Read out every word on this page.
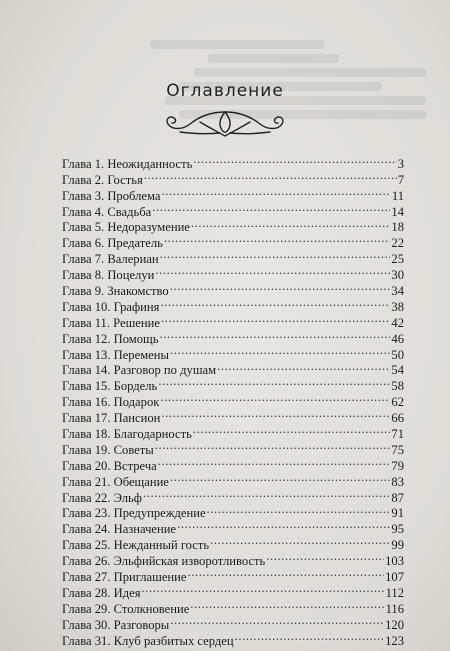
Оглавление
Глава 1. Неожиданность .....	3
Глава 2. Гостья .....	7
Глава 3. Проблема .....	11
Глава 4. Свадьба .....	14
Глава 5. Недоразумение .....	18
Глава 6. Предатель .....	22
Глава 7. Валериан .....	25
Глава 8. Поцелуи .....	30
Глава 9. Знакомство .....	34
Глава 10. Графиня .....	38
Глава 11. Решение .....	42
Глава 12. Помощь .....	46
Глава 13. Перемены .....	50
Глава 14. Разговор по душам .....	54
Глава 15. Бордель .....	58
Глава 16. Подарок .....	62
Глава 17. Пансион .....	66
Глава 18. Благодарность .....	71
Глава 19. Советы .....	75
Глава 20. Встреча .....	79
Глава 21. Обещание .....	83
Глава 22. Эльф .....	87
Глава 23. Предупреждение .....	91
Глава 24. Назначение .....	95
Глава 25. Нежданный гость .....	99
Глава 26. Эльфийская изворотливость .....	103
Глава 27. Приглашение .....	107
Глава 28. Идея .....	112
Глава 29. Столкновение .....	116
Глава 30. Разговоры .....	120
Глава 31. Клуб разбитых сердец .....	123
